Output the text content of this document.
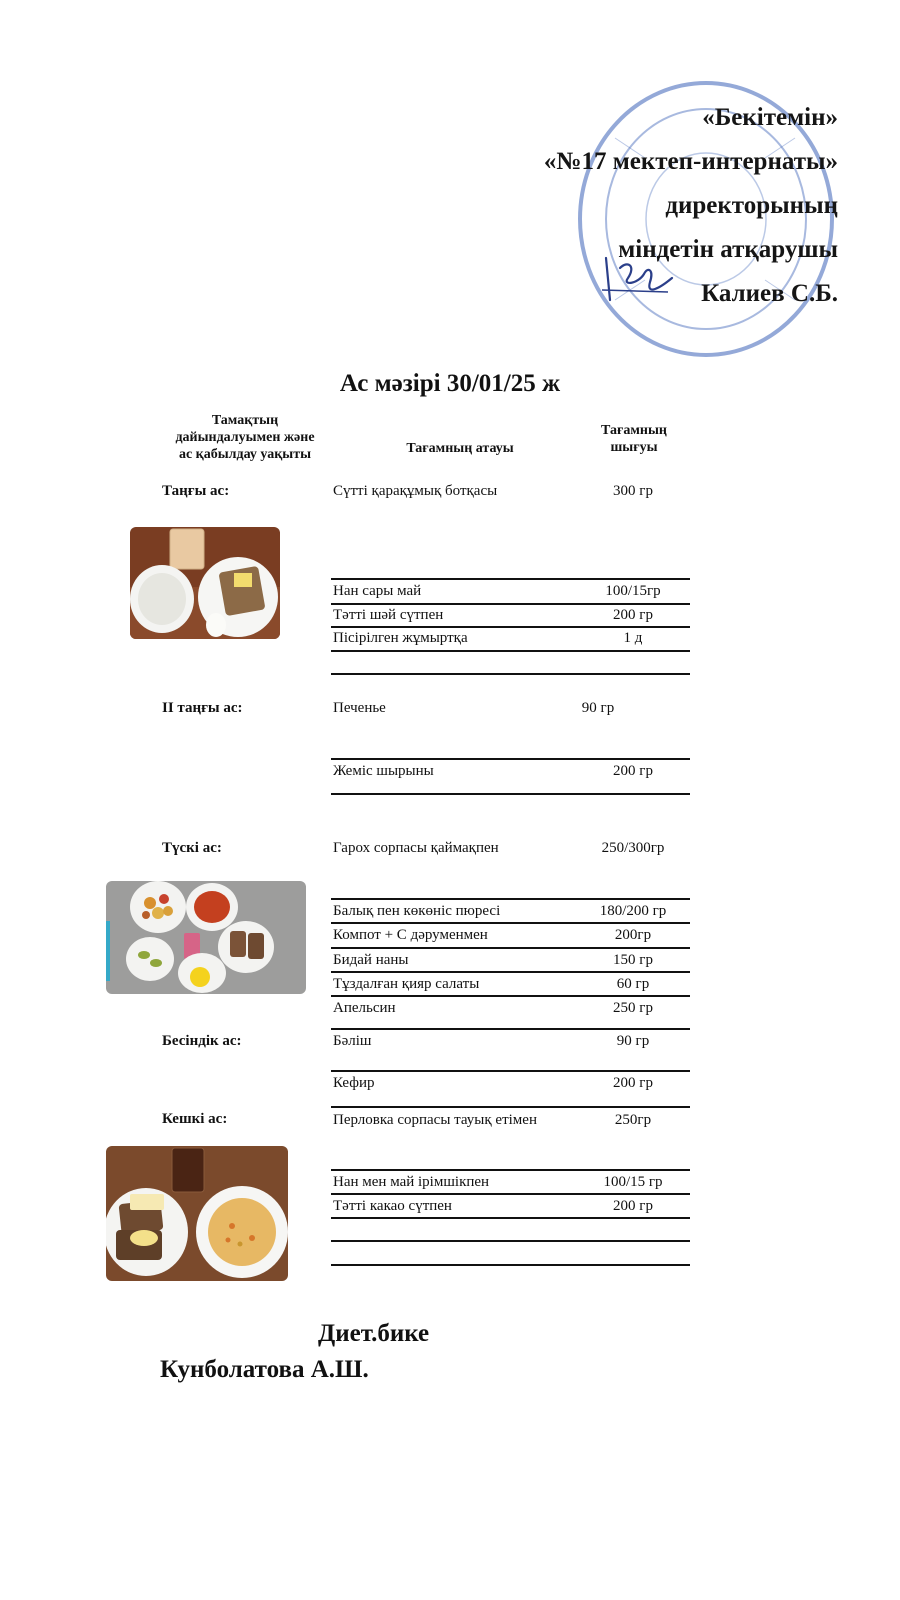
«Бекітемін»
«№17 мектеп-интернаты»
директорының
міндетін атқарушы
Калиев С.Б.
Ас мәзірі 30/01/25 ж
Тамақтың
дайындалуымен және
ас қабылдау уақыты	Тағамның атауы
Тағамның
шығуы
Таңғы ас:	Сүтті қарақұмық ботқасы	300 гр
Нан сары май	100/15гр
Тәтті шәй сүтпен	200 гр
Пісірілген жұмыртқа	1 д
ІІ таңғы ас:	Печенье	90 гр
Жеміс шырыны	200 гр
Түскі ас:	Гарох сорпасы қаймақпен	250/300гр
Балық пен көкөніс пюресі	180/200 гр
Компот + С дәруменмен	200гр
Бидай наны	150 гр
Тұздалған қияр салаты	60 гр
Апельсин	250 гр
Бесіндік ас:	Бәліш	90 гр
Кефир	200 гр
Кешкі ас:	Перловка сорпасы тауық етімен	250гр
Нан мен май ірімшікпен	100/15 гр
Тәтті какао сүтпен	200 гр
Диет.бике
Кунболатова А.Ш.
